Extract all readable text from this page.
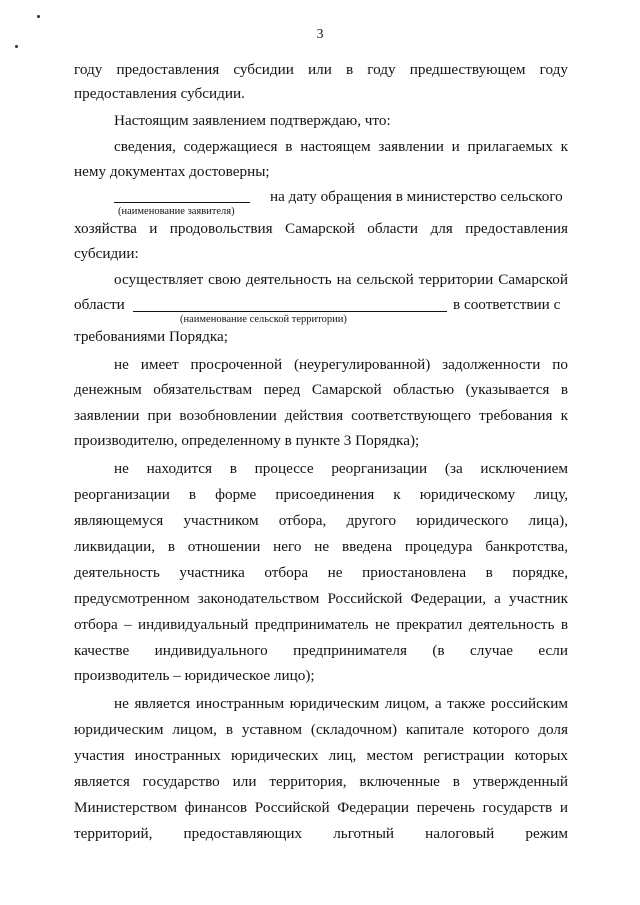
3
году предоставления субсидии или в году предшествующем году
предоставления субсидии.
Настоящим заявлением подтверждаю, что:
сведения, содержащиеся в настоящем заявлении и прилагаемых к
нему документах достоверны;
на дату обращения в министерство сельского
(наименование заявителя)
хозяйства и продовольствия Самарской области для предоставления
субсидии:
осуществляет свою деятельность на сельской территории Самарской
области	в соответствии с
(наименование сельской территории)
требованиями Порядка;
не имеет просроченной (неурегулированной) задолженности по
денежным обязательствам перед Самарской областью (указывается в
заявлении при возобновлении действия соответствующего требования к
производителю, определенному в пункте 3 Порядка);
не находится в процессе реорганизации (за исключением
реорганизации в форме присоединения к юридическому лицу,
являющемуся участником отбора, другого юридического лица),
ликвидации, в отношении него не введена процедура банкротства,
деятельность участника отбора не приостановлена в порядке,
предусмотренном законодательством Российской Федерации, а участник
отбора – индивидуальный предприниматель не прекратил деятельность в
качестве индивидуального предпринимателя (в случае если
производитель – юридическое лицо);
не является иностранным юридическим лицом, а также российским
юридическим лицом, в уставном (складочном) капитале которого доля
участия иностранных юридических лиц, местом регистрации которых
является государство или территория, включенные в утвержденный
Министерством финансов Российской Федерации перечень государств и
территорий, предоставляющих льготный налоговый режим
